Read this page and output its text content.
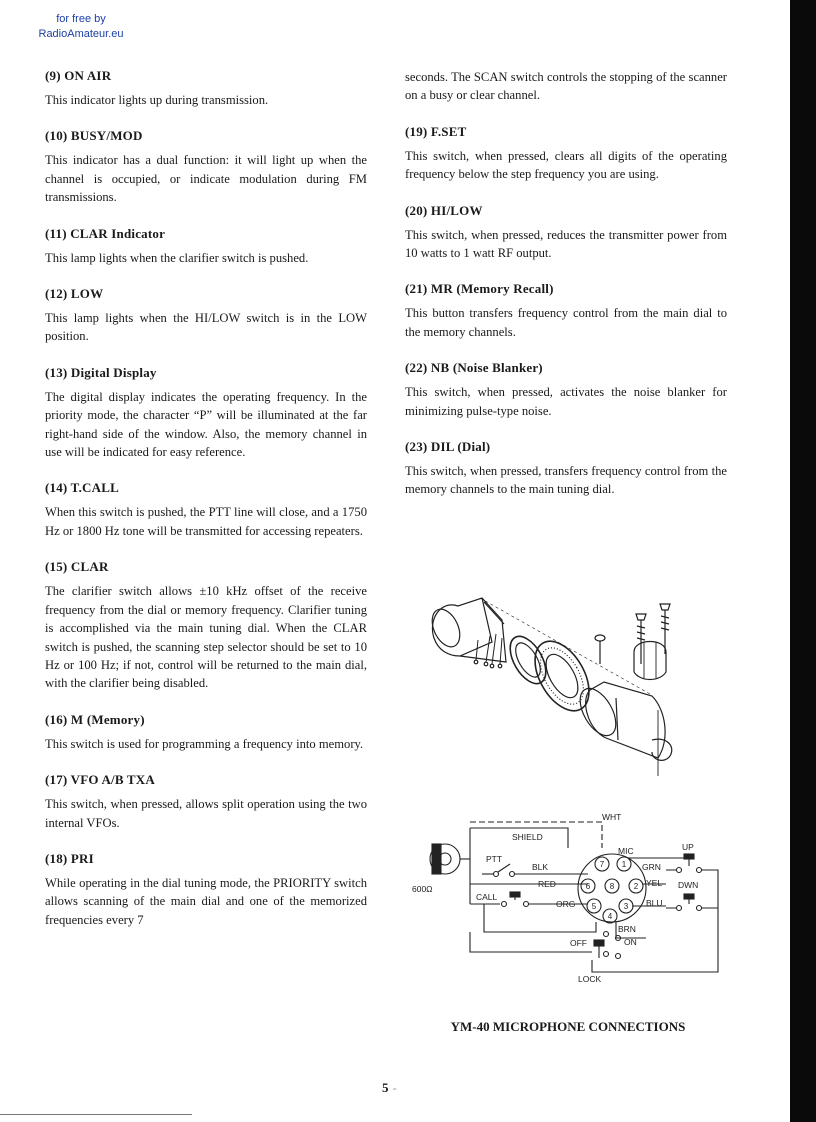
for free by
RadioAmateur.eu
(9) ON AIR

This indicator lights up during transmission.

(10) BUSY/MOD

This indicator has a dual function: it will light up when the channel is occupied, or indicate modulation during FM transmissions.

(11) CLAR Indicator

This lamp lights when the clarifier switch is pushed.

(12) LOW

This lamp lights when the HI/LOW switch is in the LOW position.

(13) Digital Display

The digital display indicates the operating frequency. In the priority mode, the character “P” will be illuminated at the far right-hand side of the window. Also, the memory channel in use will be indicated for easy reference.

(14) T.CALL

When this switch is pushed, the PTT line will close, and a 1750 Hz or 1800 Hz tone will be transmitted for accessing repeaters.

(15) CLAR

The clarifier switch allows ±10 kHz offset of the receive frequency from the dial or memory frequency. Clarifier tuning is accomplished via the main tuning dial. When the CLAR switch is pushed, the scanning step selector should be set to 10 Hz or 100 Hz; if not, control will be returned to the main dial, with the clarifier being disabled.

(16) M (Memory)

This switch is used for programming a frequency into memory.

(17) VFO A/B TXA

This switch, when pressed, allows split operation using the two internal VFOs.

(18) PRI

While operating in the dial tuning mode, the PRIORITY switch allows scanning of the main dial and one of the memorized frequencies every 7

seconds. The SCAN switch controls the stopping of the scanner on a busy or clear channel.

(19) F.SET

This switch, when pressed, clears all digits of the operating frequency below the step frequency you are using.

(20) HI/LOW

This switch, when pressed, reduces the transmitter power from 10 watts to 1 watt RF output.

(21) MR (Memory Recall)

This button transfers frequency control from the main dial to the memory channels.

(22) NB (Noise Blanker)

This switch, when pressed, activates the noise blanker for minimizing pulse-type noise.

(23) DIL (Dial)

This switch, when pressed, transfers frequency control from the memory channels to the main tuning dial.

WHT
SHIELD
PTT
BLK
RED
CALL
ORG
MIC
GRN
YEL
BLU
BRN
UP
DWN
OFF	ON
LOCK
600Ω
7 1
6 8 2
5	3
4
YM-40 MICROPHONE CONNECTIONS
5 -
